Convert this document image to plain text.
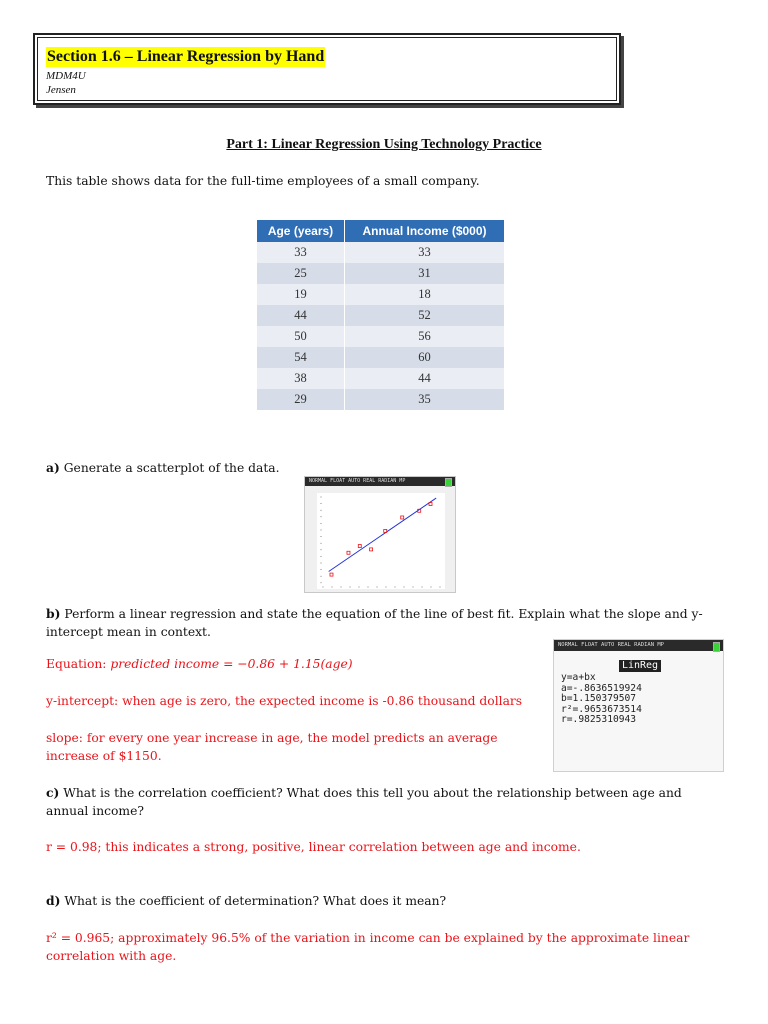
Section 1.6 – Linear Regression by Hand
MDM4U
Jensen
Part 1: Linear Regression Using Technology Practice
This table shows data for the full-time employees of a small company.
Age (years)	Annual Income ($000)
33	33
25	31
19	18
44	52
50	56
54	60
38	44
29	35
a) Generate a scatterplot of the data.
NORMAL FLOAT AUTO REAL RADIAN MP
b) Perform a linear regression and state the equation of the line of best fit. Explain what the slope and y-
intercept mean in context.
Equation: predicted income = −0.86 + 1.15(age)
y-intercept: when age is zero, the expected income is -0.86 thousand dollars
slope: for every one year increase in age, the model predicts an average
increase of $1150.
NORMAL FLOAT AUTO REAL RADIAN MP
LinReg
y=a+bx
a=-.8636519924
b=1.150379507
r²=.9653673514
r=.9825310943
c) What is the correlation coefficient? What does this tell you about the relationship between age and
annual income?
r = 0.98; this indicates a strong, positive, linear correlation between age and income.
d) What is the coefficient of determination? What does it mean?
r² = 0.965; approximately 96.5% of the variation in income can be explained by the approximate linear
correlation with age.
